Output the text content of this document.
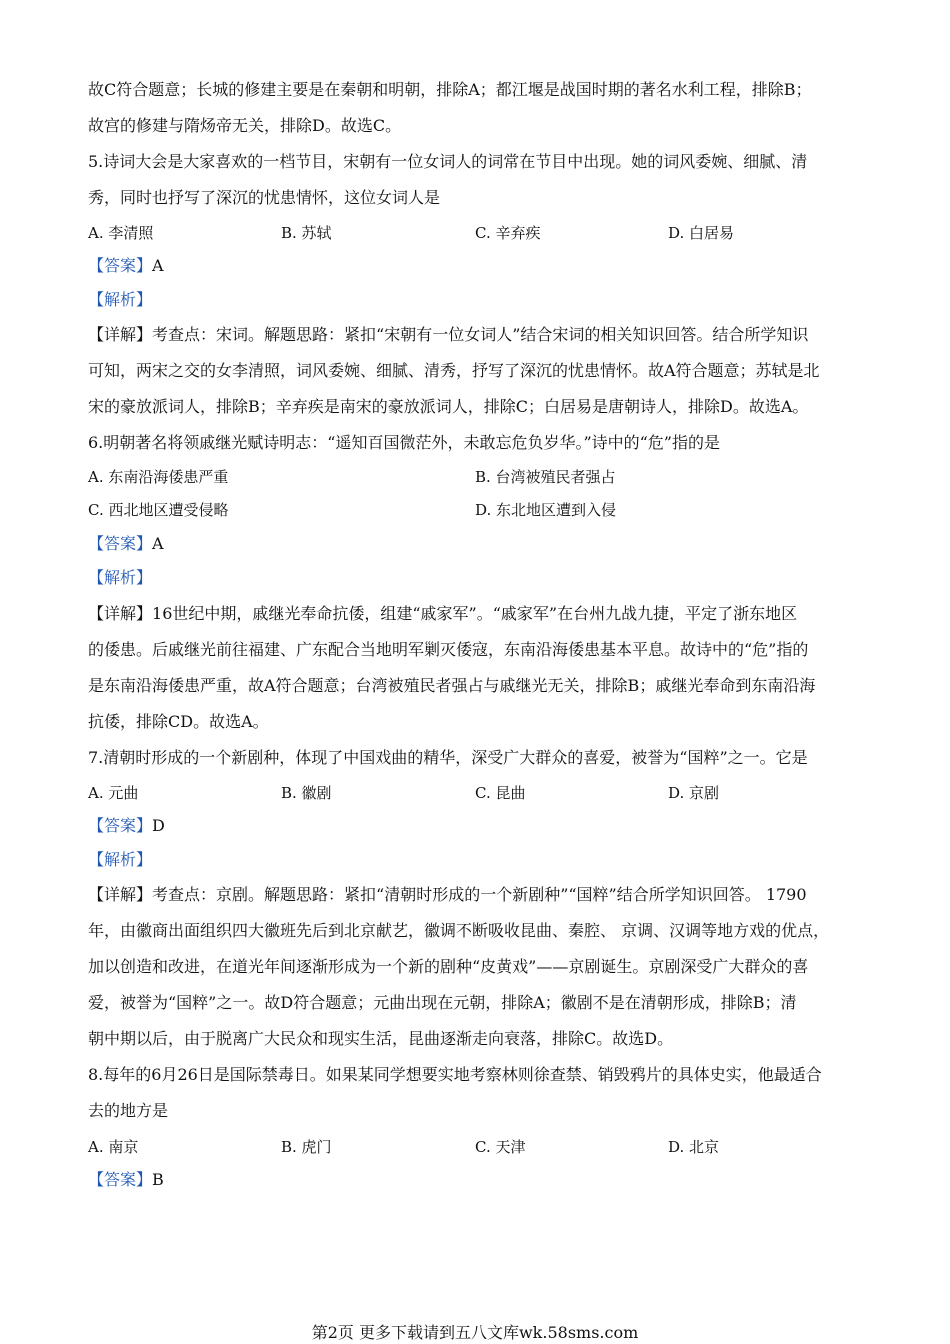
故C符合题意；长城的修建主要是在秦朝和明朝，排除A；都江堰是战国时期的著名水利工程，排除B；
故宫的修建与隋炀帝无关，排除D。故选C。
5.诗词大会是大家喜欢的一档节目，宋朝有一位女词人的词常在节目中出现。她的词风委婉、细腻、清
秀，同时也抒写了深沉的忧患情怀，这位女词人是
A. 李清照	B. 苏轼	C. 辛弃疾	D. 白居易
【答案】A
【解析】
【详解】考查点：宋词。解题思路：紧扣“宋朝有一位女词人”结合宋词的相关知识回答。结合所学知识
可知，两宋之交的女李清照，词风委婉、细腻、清秀，抒写了深沉的忧患情怀。故A符合题意；苏轼是北
宋的豪放派词人，排除B；辛弃疾是南宋的豪放派词人，排除C；白居易是唐朝诗人，排除D。故选A。
6.明朝著名将领戚继光赋诗明志：“遥知百国微茫外，未敢忘危负岁华。”诗中的“危”指的是
A. 东南沿海倭患严重	B. 台湾被殖民者强占
C. 西北地区遭受侵略	D. 东北地区遭到入侵
【答案】A
【解析】
【详解】16世纪中期，戚继光奉命抗倭，组建“戚家军”。“戚家军”在台州九战九捷，平定了浙东地区
的倭患。后戚继光前往福建、广东配合当地明军剿灭倭寇，东南沿海倭患基本平息。故诗中的“危”指的
是东南沿海倭患严重，故A符合题意；台湾被殖民者强占与戚继光无关，排除B；戚继光奉命到东南沿海
抗倭，排除CD。故选A。
7.清朝时形成的一个新剧种，体现了中国戏曲的精华，深受广大群众的喜爱，被誉为“国粹”之一。它是
A. 元曲	B. 徽剧	C. 昆曲	D. 京剧
【答案】D
【解析】
【详解】考查点：京剧。解题思路：紧扣“清朝时形成的一个新剧种”“国粹”结合所学知识回答。 1790
年，由徽商出面组织四大徽班先后到北京献艺，徽调不断吸收昆曲、秦腔、 京调、汉调等地方戏的优点，
加以创造和改进，在道光年间逐渐形成为一个新的剧种“皮黄戏”——京剧诞生。京剧深受广大群众的喜
爱，被誉为“国粹”之一。故D符合题意；元曲出现在元朝，排除A；徽剧不是在清朝形成，排除B；清
朝中期以后，由于脱离广大民众和现实生活，昆曲逐渐走向衰落，排除C。故选D。
8.每年的6月26日是国际禁毒日。如果某同学想要实地考察林则徐查禁、销毁鸦片的具体史实，他最适合
去的地方是
A. 南京	B. 虎门	C. 天津	D. 北京
【答案】B
第2页 更多下载请到五八文库wk.58sms.com
